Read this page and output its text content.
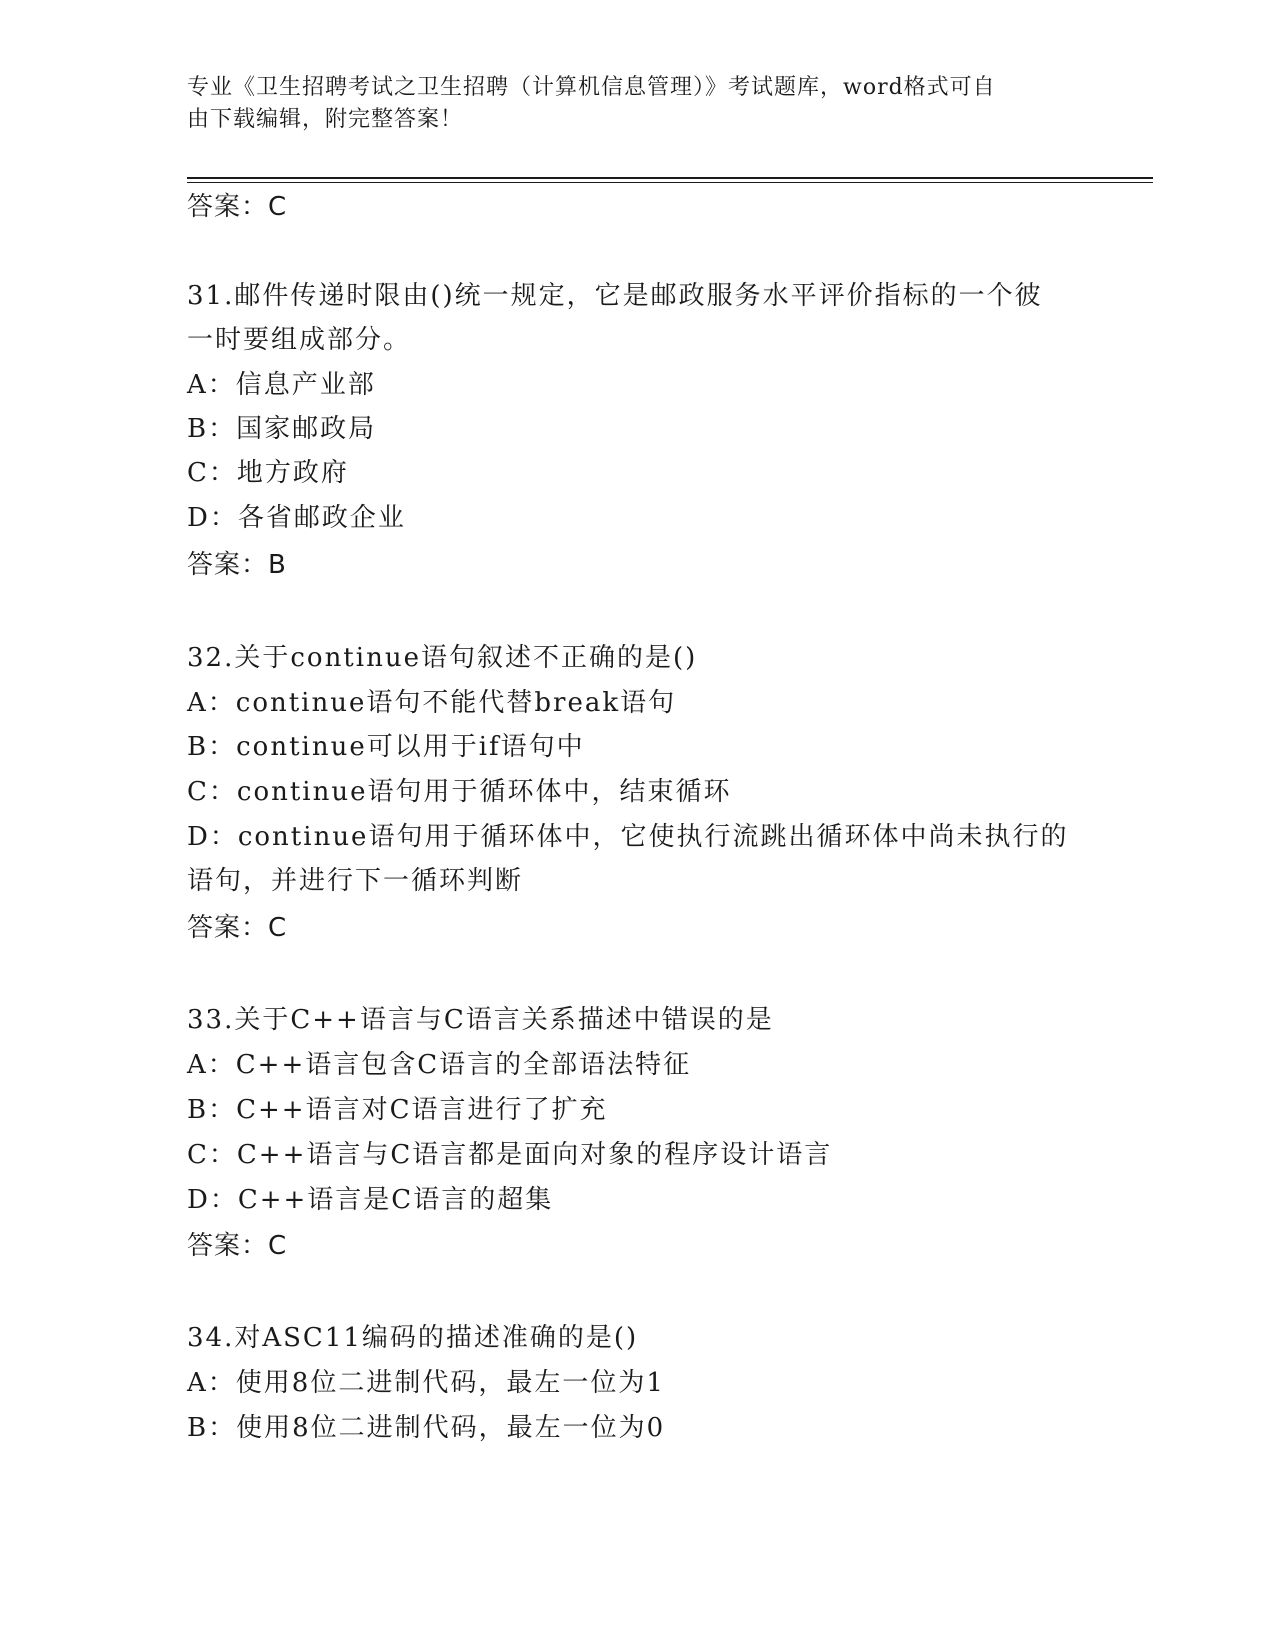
专业《卫生招聘考试之卫生招聘（计算机信息管理）》考试题库，word格式可自
由下载编辑，附完整答案！
答案：C
31.邮件传递时限由()统一规定，它是邮政服务水平评价指标的一个彼
一时要组成部分。
A：信息产业部
B：国家邮政局
C：地方政府
D：各省邮政企业
答案：B
32.关于continue语句叙述不正确的是()
A：continue语句不能代替break语句
B：continue可以用于if语句中
C：continue语句用于循环体中，结束循环
D：continue语句用于循环体中，它使执行流跳出循环体中尚未执行的
语句，并进行下一循环判断
答案：C
33.关于C++语言与C语言关系描述中错误的是
A：C++语言包含C语言的全部语法特征
B：C++语言对C语言进行了扩充
C：C++语言与C语言都是面向对象的程序设计语言
D：C++语言是C语言的超集
答案：C
34.对ASC11编码的描述准确的是()
A：使用8位二进制代码，最左一位为1
B：使用8位二进制代码，最左一位为0
